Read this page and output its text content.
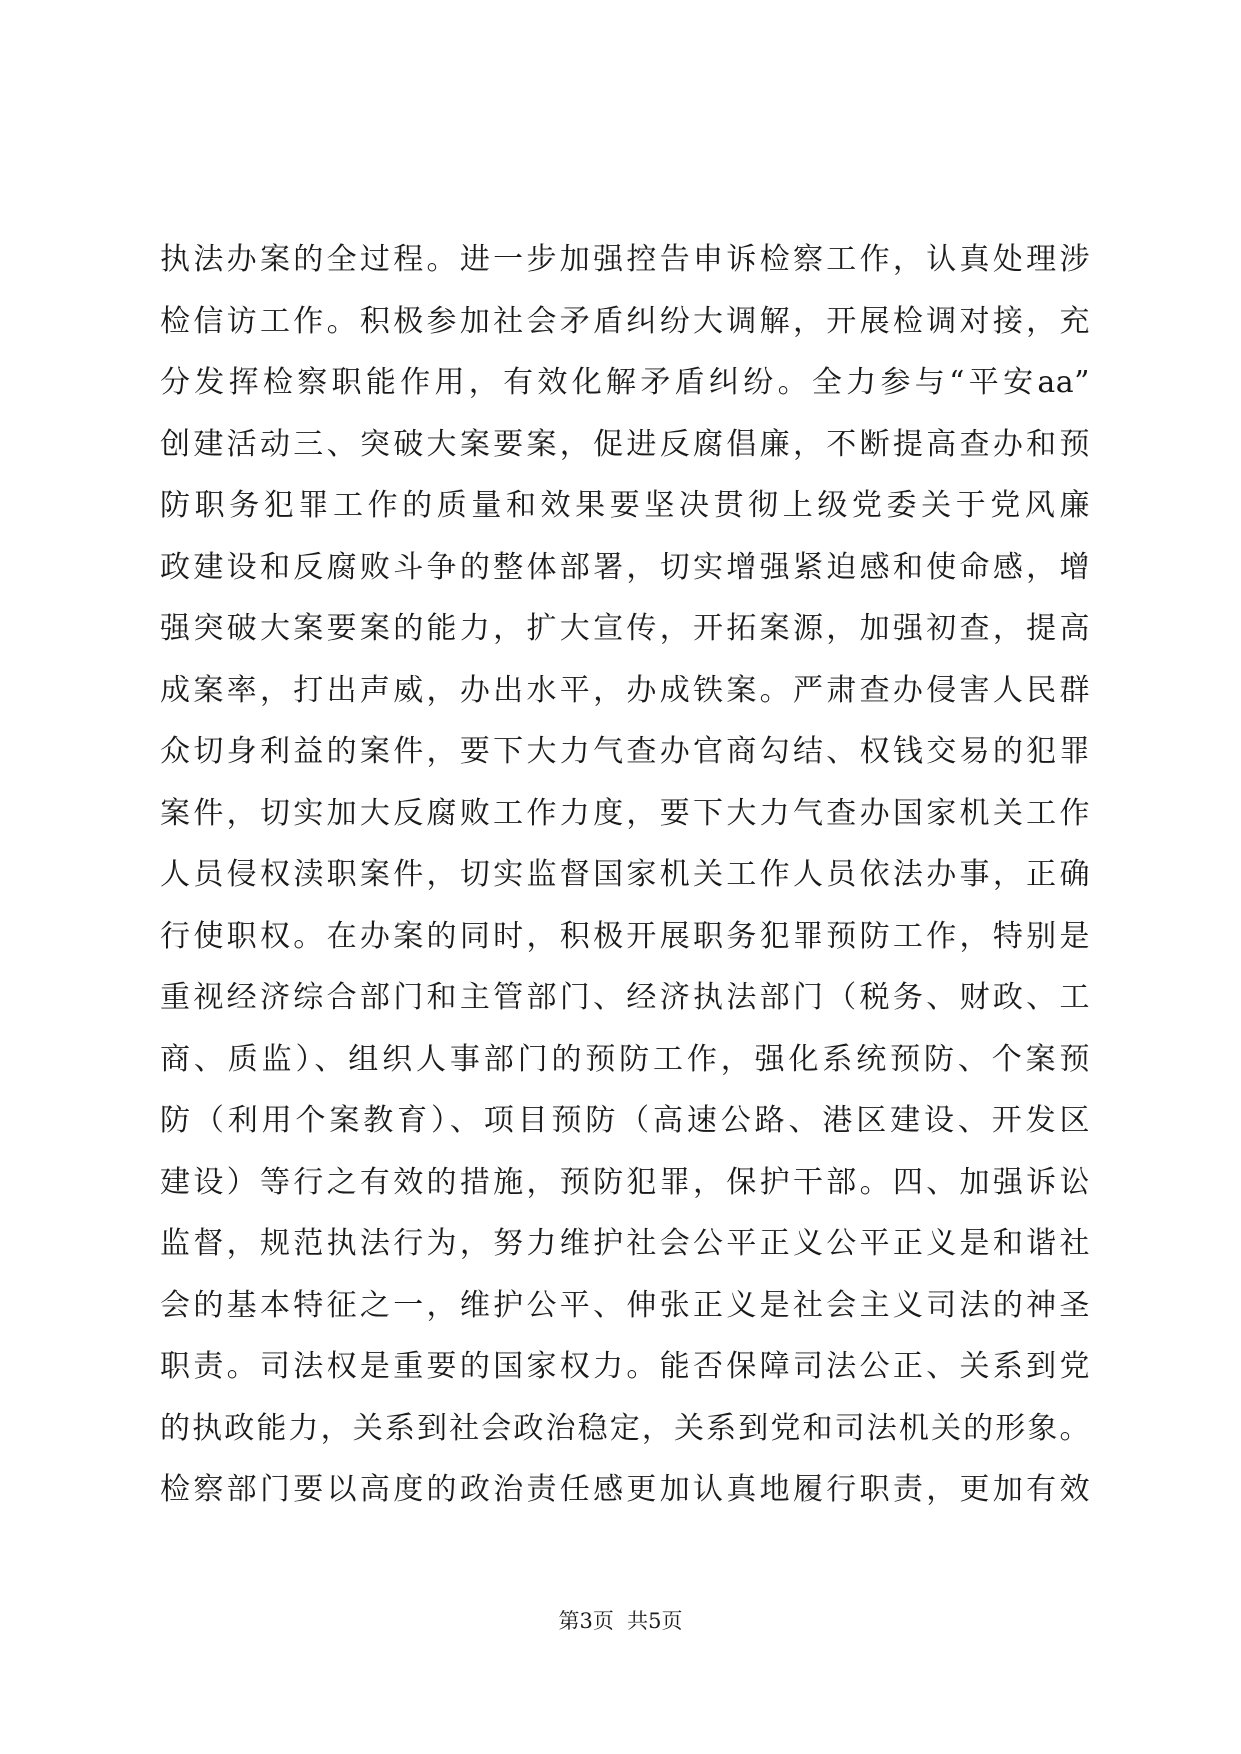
执法办案的全过程。进一步加强控告申诉检察工作，认真处理涉
检信访工作。积极参加社会矛盾纠纷大调解，开展检调对接，充
分发挥检察职能作用，有效化解矛盾纠纷。全力参与“平安aa”
创建活动三、突破大案要案，促进反腐倡廉，不断提高查办和预
防职务犯罪工作的质量和效果要坚决贯彻上级党委关于党风廉
政建设和反腐败斗争的整体部署，切实增强紧迫感和使命感，增
强突破大案要案的能力，扩大宣传，开拓案源，加强初查，提高
成案率，打出声威，办出水平，办成铁案。严肃查办侵害人民群
众切身利益的案件，要下大力气查办官商勾结、权钱交易的犯罪
案件，切实加大反腐败工作力度，要下大力气查办国家机关工作
人员侵权渎职案件，切实监督国家机关工作人员依法办事，正确
行使职权。在办案的同时，积极开展职务犯罪预防工作，特别是
重视经济综合部门和主管部门、经济执法部门（税务、财政、工
商、质监）、组织人事部门的预防工作，强化系统预防、个案预
防（利用个案教育）、项目预防（高速公路、港区建设、开发区
建设）等行之有效的措施，预防犯罪，保护干部。四、加强诉讼
监督，规范执法行为，努力维护社会公平正义公平正义是和谐社
会的基本特征之一，维护公平、伸张正义是社会主义司法的神圣
职责。司法权是重要的国家权力。能否保障司法公正、关系到党
的执政能力，关系到社会政治稳定，关系到党和司法机关的形象。
检察部门要以高度的政治责任感更加认真地履行职责，更加有效
第3页  共5页
